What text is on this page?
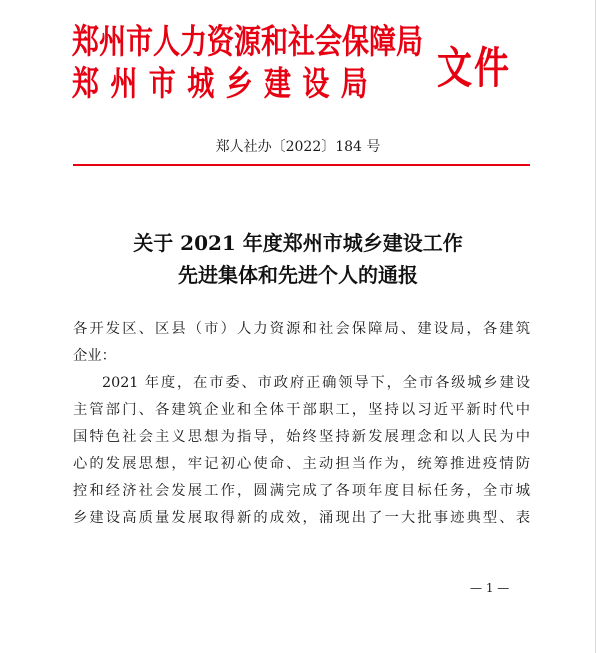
郑州市人力资源和社会保障局
郑州市城乡建设局 文件
郑人社办〔2022〕184 号
关于 2021 年度郑州市城乡建设工作
先进集体和先进个人的通报
各开发区、区县（市）人力资源和社会保障局、建设局，各建筑
企业：
2021 年度，在市委、市政府正确领导下，全市各级城乡建设
主管部门、各建筑企业和全体干部职工，坚持以习近平新时代中
国特色社会主义思想为指导，始终坚持新发展理念和以人民为中
心的发展思想，牢记初心使命、主动担当作为，统筹推进疫情防
控和经济社会发展工作，圆满完成了各项年度目标任务，全市城
乡建设高质量发展取得新的成效，涌现出了一大批事迹典型、表
— 1 —
